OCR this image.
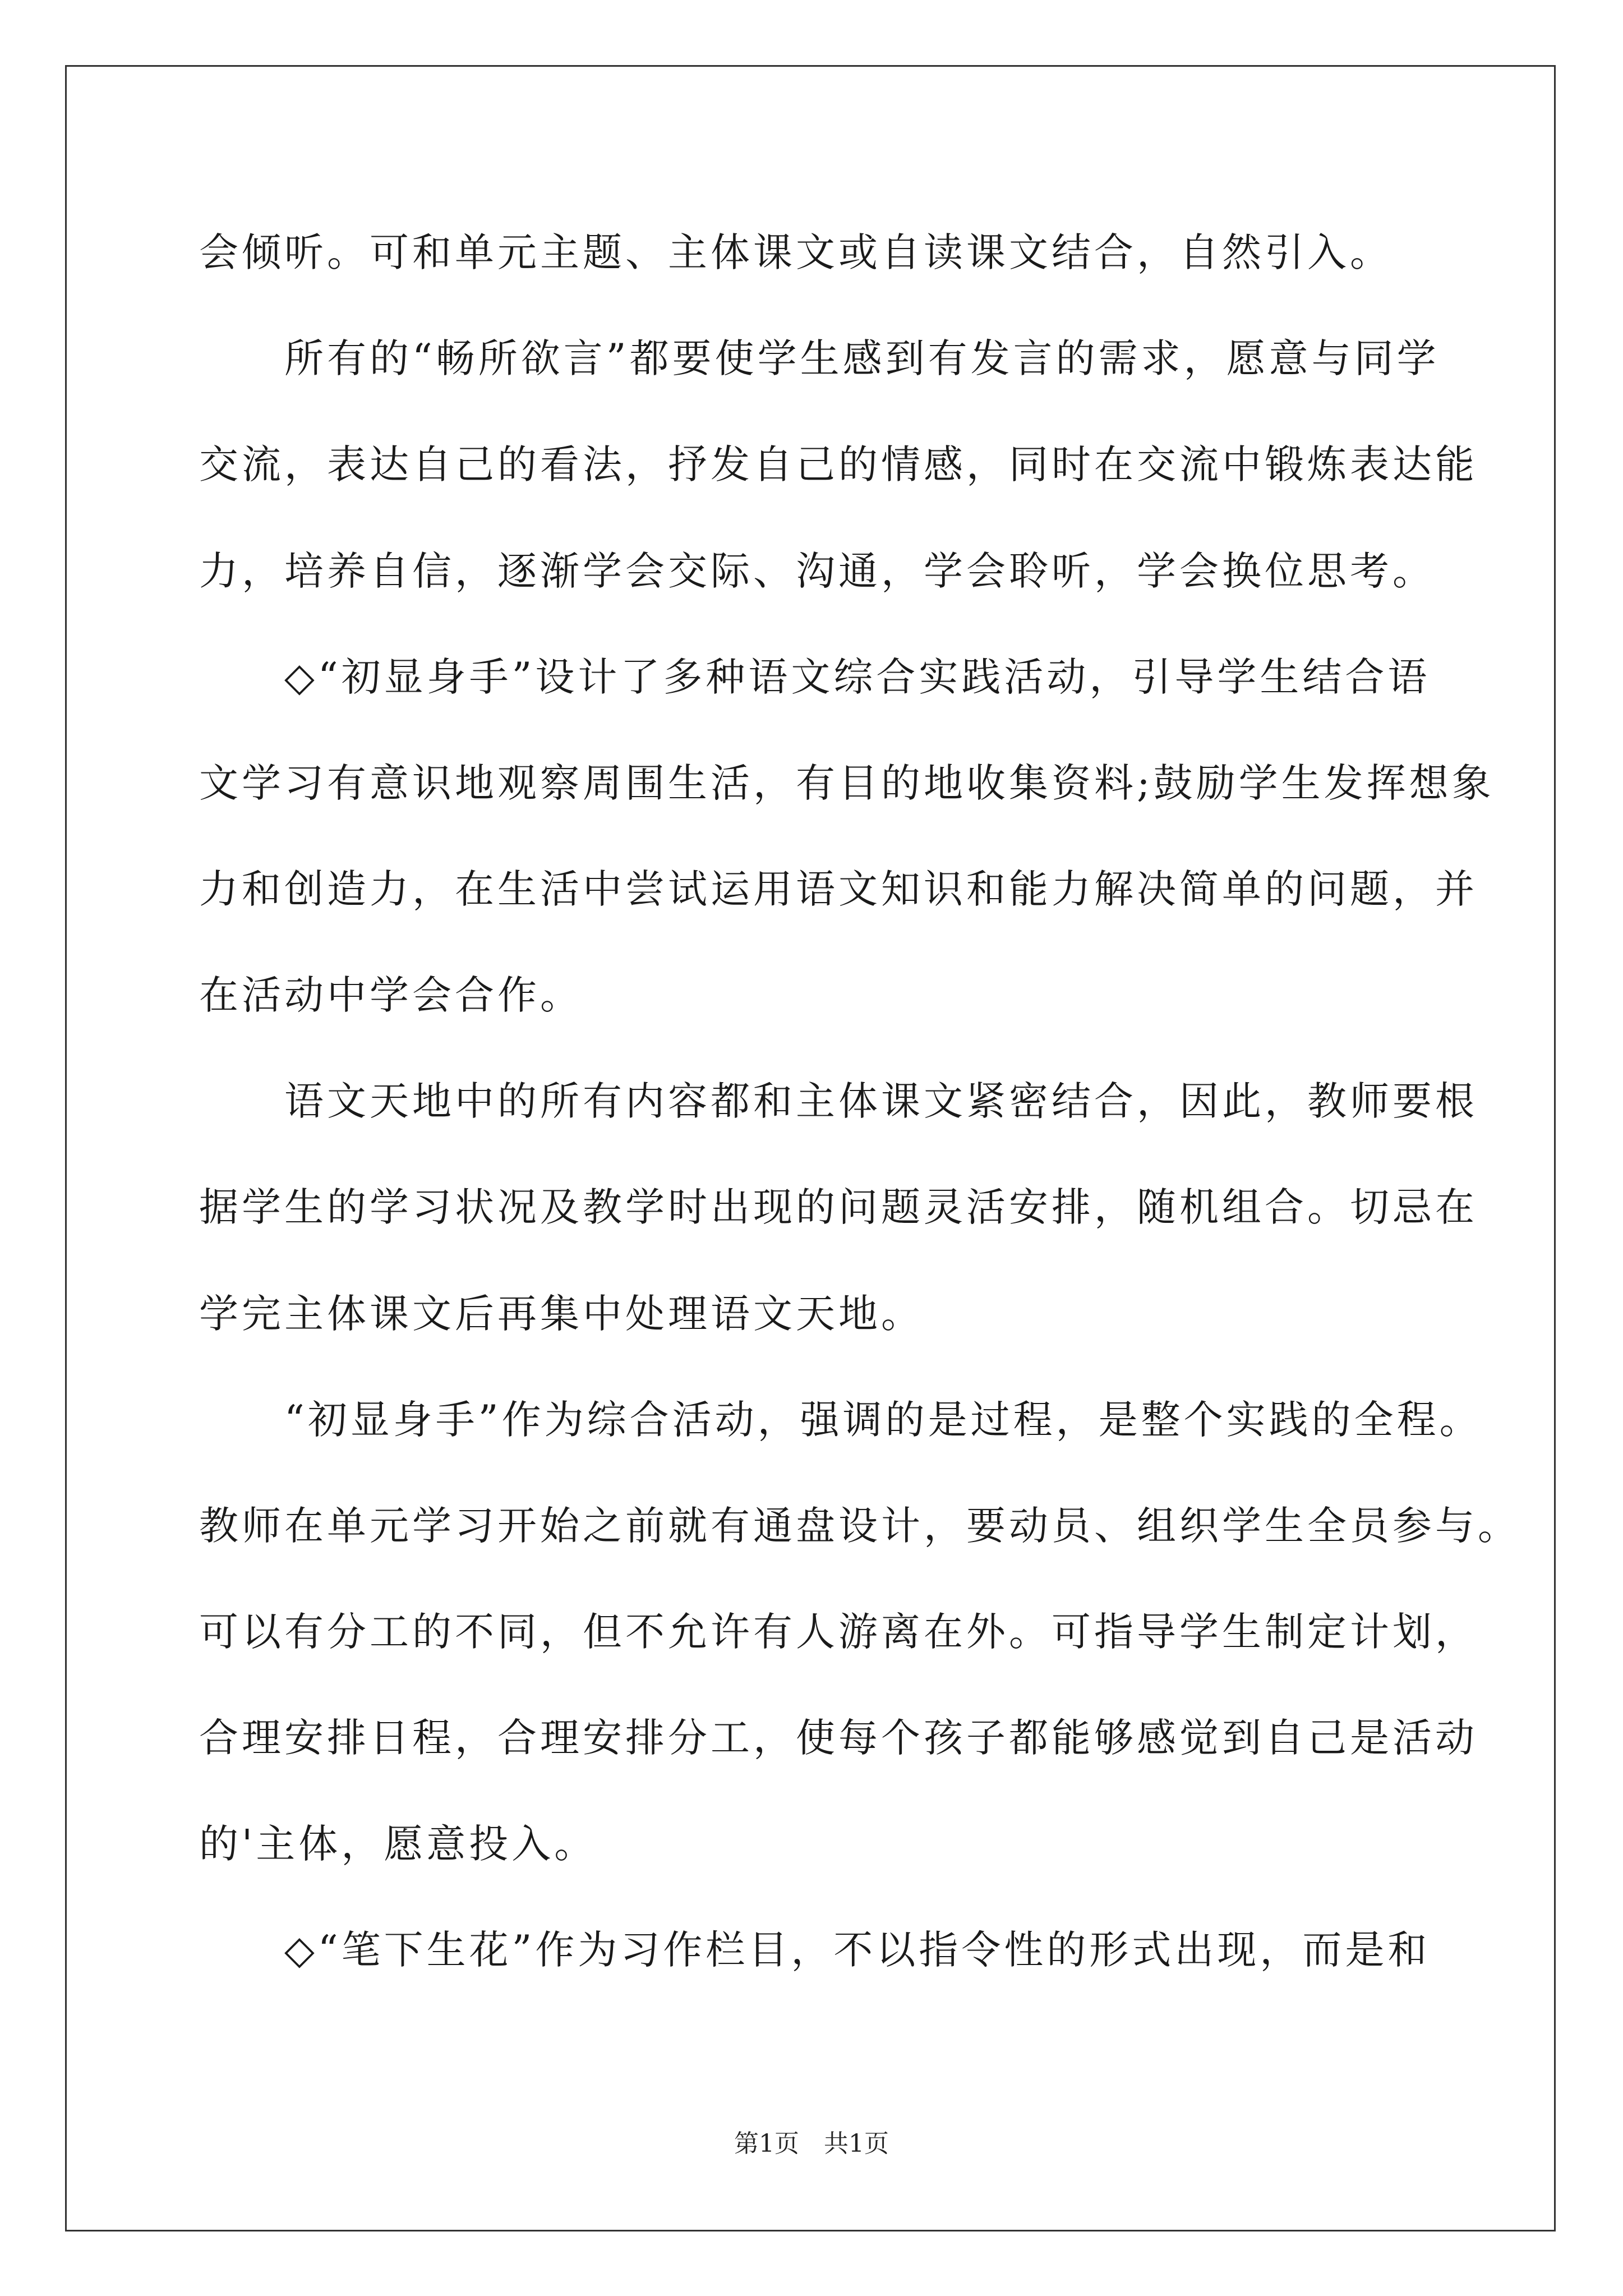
会倾听。可和单元主题、主体课文或自读课文结合，自然引入。
　　所有的“畅所欲言”都要使学生感到有发言的需求，愿意与同学
交流，表达自己的看法，抒发自己的情感，同时在交流中锻炼表达能
力，培养自信，逐渐学会交际、沟通，学会聆听，学会换位思考。
　　◇“初显身手”设计了多种语文综合实践活动，引导学生结合语
文学习有意识地观察周围生活，有目的地收集资料;鼓励学生发挥想象
力和创造力，在生活中尝试运用语文知识和能力解决简单的问题，并
在活动中学会合作。
　　语文天地中的所有内容都和主体课文紧密结合，因此，教师要根
据学生的学习状况及教学时出现的问题灵活安排，随机组合。切忌在
学完主体课文后再集中处理语文天地。
　　“初显身手”作为综合活动，强调的是过程，是整个实践的全程。
教师在单元学习开始之前就有通盘设计，要动员、组织学生全员参与。
可以有分工的不同，但不允许有人游离在外。可指导学生制定计划，
合理安排日程，合理安排分工，使每个孩子都能够感觉到自己是活动
的'主体，愿意投入。
　　◇“笔下生花”作为习作栏目，不以指令性的形式出现，而是和
第1页　共1页
